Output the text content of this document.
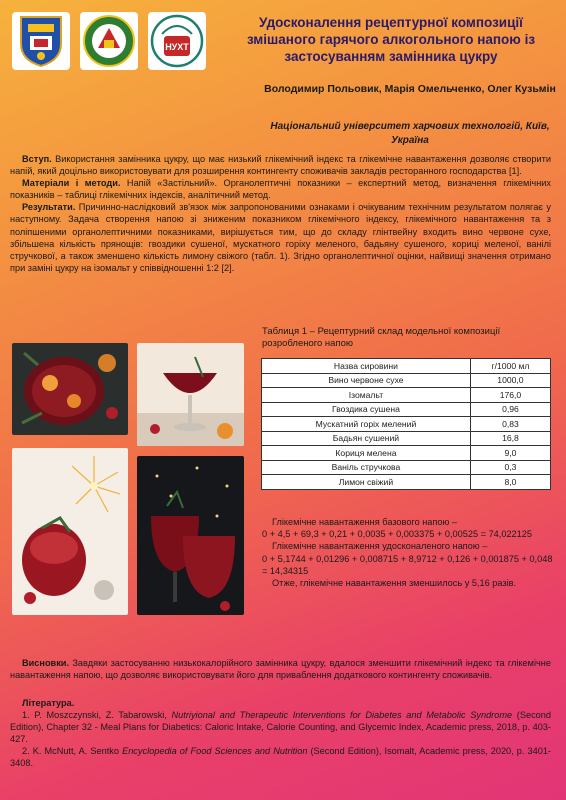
НУХТ
Удосконалення рецептурної композиції змішаного гарячого алкогольного напою із застосуванням замінника цукру
Володимир Польовик, Марія Омельченко, Олег Кузьмін
Національний університет харчових технологій, Київ, Україна

Вступ. Використання замінника цукру, що має низький глікемічний індекс та глікемічне навантаження дозволяє створити напій, який доцільно використовувати для розширення контингенту споживачів закладів ресторанного господарства [1].

Матеріали і методи. Напій «Застільний». Органолептичні показники – експертний метод, визначення глікемічних показників – таблиці глікемічних індексів, аналітичний метод.

Результати. Причинно-наслідковий зв'язок між запропонованими ознаками і очікуваним технічним результатом полягає у наступному. Задача створення напою зі зниженим показником глікемічного індексу, глікемічного навантаження та з поліпшеними органолептичними показниками, вирішується тим, що до складу глінтвейну входить вино червоне сухе, збільшена кількість прянощів: гвоздики сушеної, мускатного горіху меленого, бадьяну сушеного, кориці меленої, ванілі стручкової, а також зменшено кількість лимону свіжого (табл. 1). Згідно органолептичної оцінки, найвищі значення отримано при заміні цукру на ізомальт у співвідношенні 1:2 [2].

Таблиця 1 – Рецептурний склад модельної композиції розробленого напою
Назва сировини	г/1000 мл
Вино червоне сухе	1000,0
Ізомальт	176,0
Гвоздика сушена	0,96
Мускатний горіх мелений	0,83
Бадьян сушений	16,8
Кориця мелена	9,0
Ваніль стручкова	0,3
Лимон свіжий	8,0

Глікемічне навантаження базового напою –

0 + 4,5 + 69,3 + 0,21 + 0,0035 + 0,003375 + 0,00525 = 74,022125

Глікемічне навантаження удосконаленого напою –

0 + 5,1744 + 0,01296 + 0,008715 + 8,9712 + 0,126 + 0,001875 + 0,048 = 14,34315

Отже, глікемічне навантаження зменшилось у 5,16 разів.

Висновки. Завдяки застосуванню низькокалорійного замінника цукру, вдалося зменшити глікемічний індекс та глікемічне навантаження напою, що дозволяє використовувати його для приваблення додаткового контингенту споживачів.

Література.

1. P. Moszczynski, Z. Tabarowski, Nutriyional and Therapeutic Interventions for Diabetes and Metabolic Syndrome (Second Edition), Chapter 32 - Meal Plans for Diabetics: Caloric Intake, Calorie Counting, and Glycemic Index, Academic press, 2018, p. 403-427.

2. K. McNutt, A. Sentko Encyclopedia of Food Sciences and Nutrition (Second Edition), Isomalt, Academic press, 2020, p. 3401-3408.
